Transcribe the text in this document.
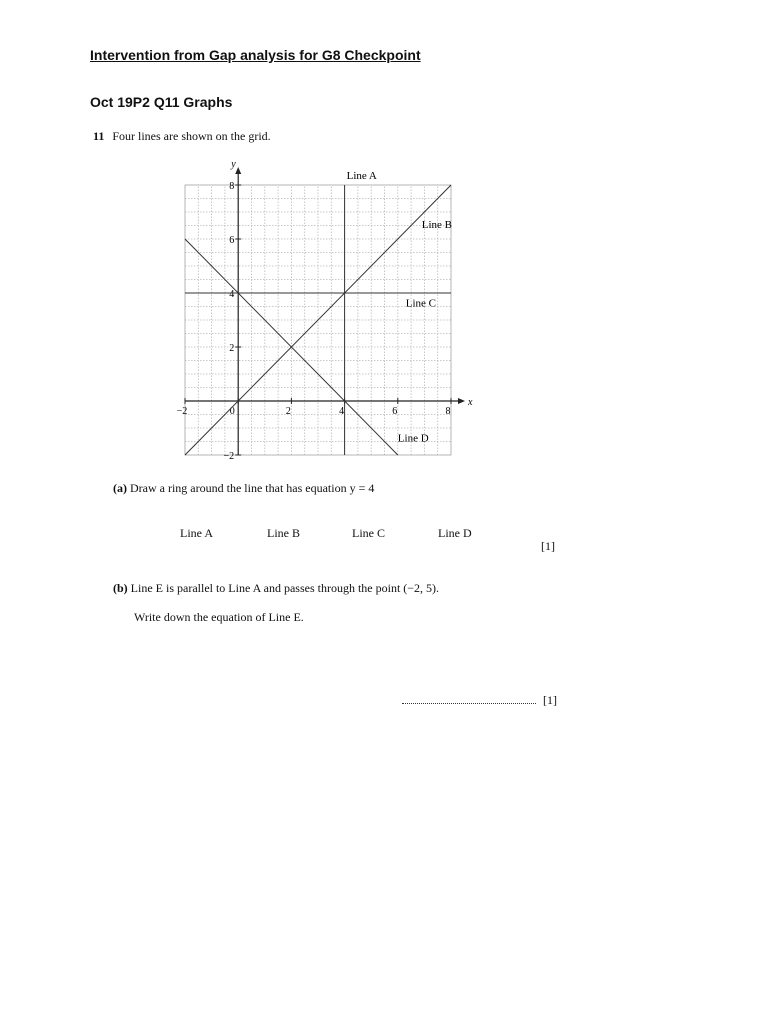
Intervention from Gap analysis for G8 Checkpoint
Oct 19P2 Q11 Graphs
11 Four lines are shown on the grid.
x
y
−2	0	2	4	6	8
−2
2
4
6
8
Line A
Line B
Line C
Line D
(a) Draw a ring around the line that has equation y = 4
Line A	Line B	Line C	Line D
[1]
(b) Line E is parallel to Line A and passes through the point (−2, 5).
Write down the equation of Line E.
[1]
